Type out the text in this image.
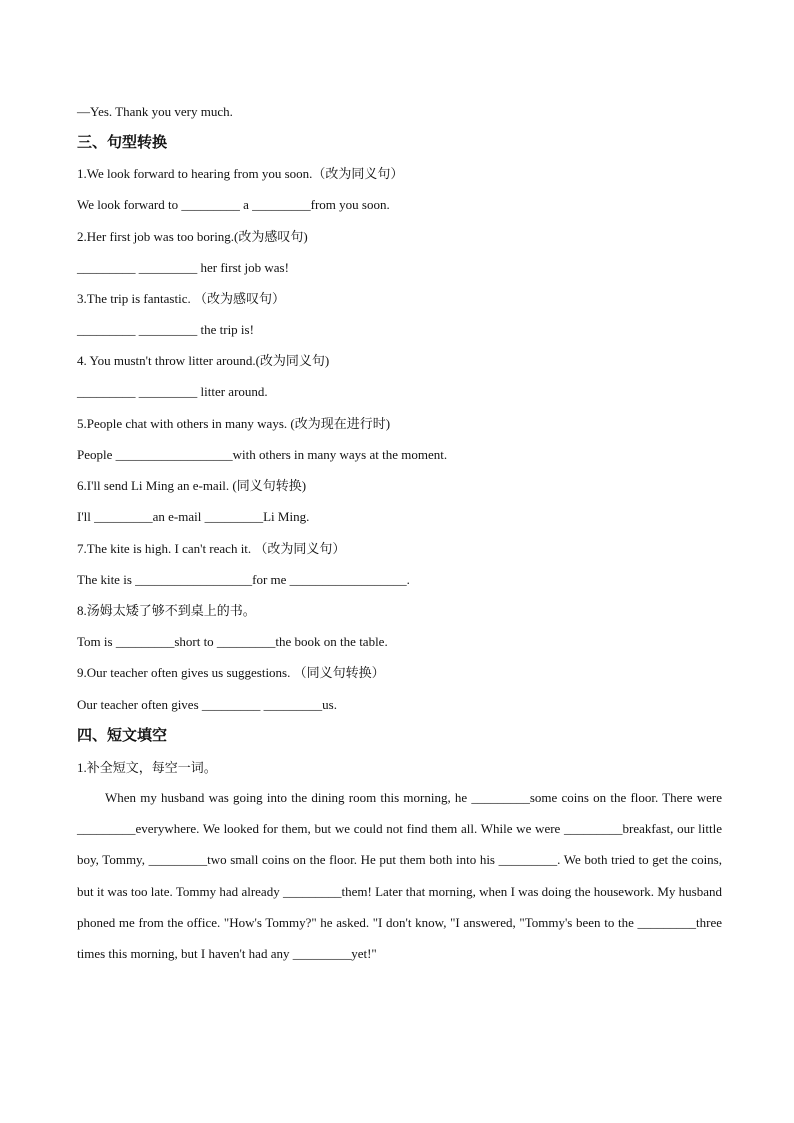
—Yes. Thank you very much.
三、句型转换
1.We look forward to hearing from you soon.（改为同义句）
We look forward to _________ a _________from you soon.
2.Her first job was too boring.(改为感叹句)
_________ _________ her first job was!
3.The trip is fantastic. （改为感叹句）
_________ _________ the trip is!
4. You mustn't throw litter around.(改为同义句)
_________ _________ litter around.
5.People chat with others in many ways. (改为现在进行时)
People __________________with others in many ways at the moment.
6.I'll send Li Ming an e-mail. (同义句转换)
I'll _________an e-mail _________Li Ming.
7.The kite is high. I can't reach it. （改为同义句）
The kite is __________________for me __________________.
8.汤姆太矮了够不到桌上的书。
Tom is _________short to _________the book on the table.
9.Our teacher often gives us suggestions. （同义句转换）
Our teacher often gives _________ _________us.
四、短文填空
1.补全短文，每空一词。
When my husband was going into the dining room this morning, he _________some coins on the floor. There were _________everywhere. We looked for them, but we could not find them all. While we were _________breakfast, our little boy, Tommy, _________two small coins on the floor. He put them both into his _________. We both tried to get the coins, but it was too late. Tommy had already _________them! Later that morning, when I was doing the housework. My husband phoned me from the office. "How's Tommy?" he asked. "I don't know, "I answered, "Tommy's been to the _________three times this morning, but I haven't had any _________yet!"
